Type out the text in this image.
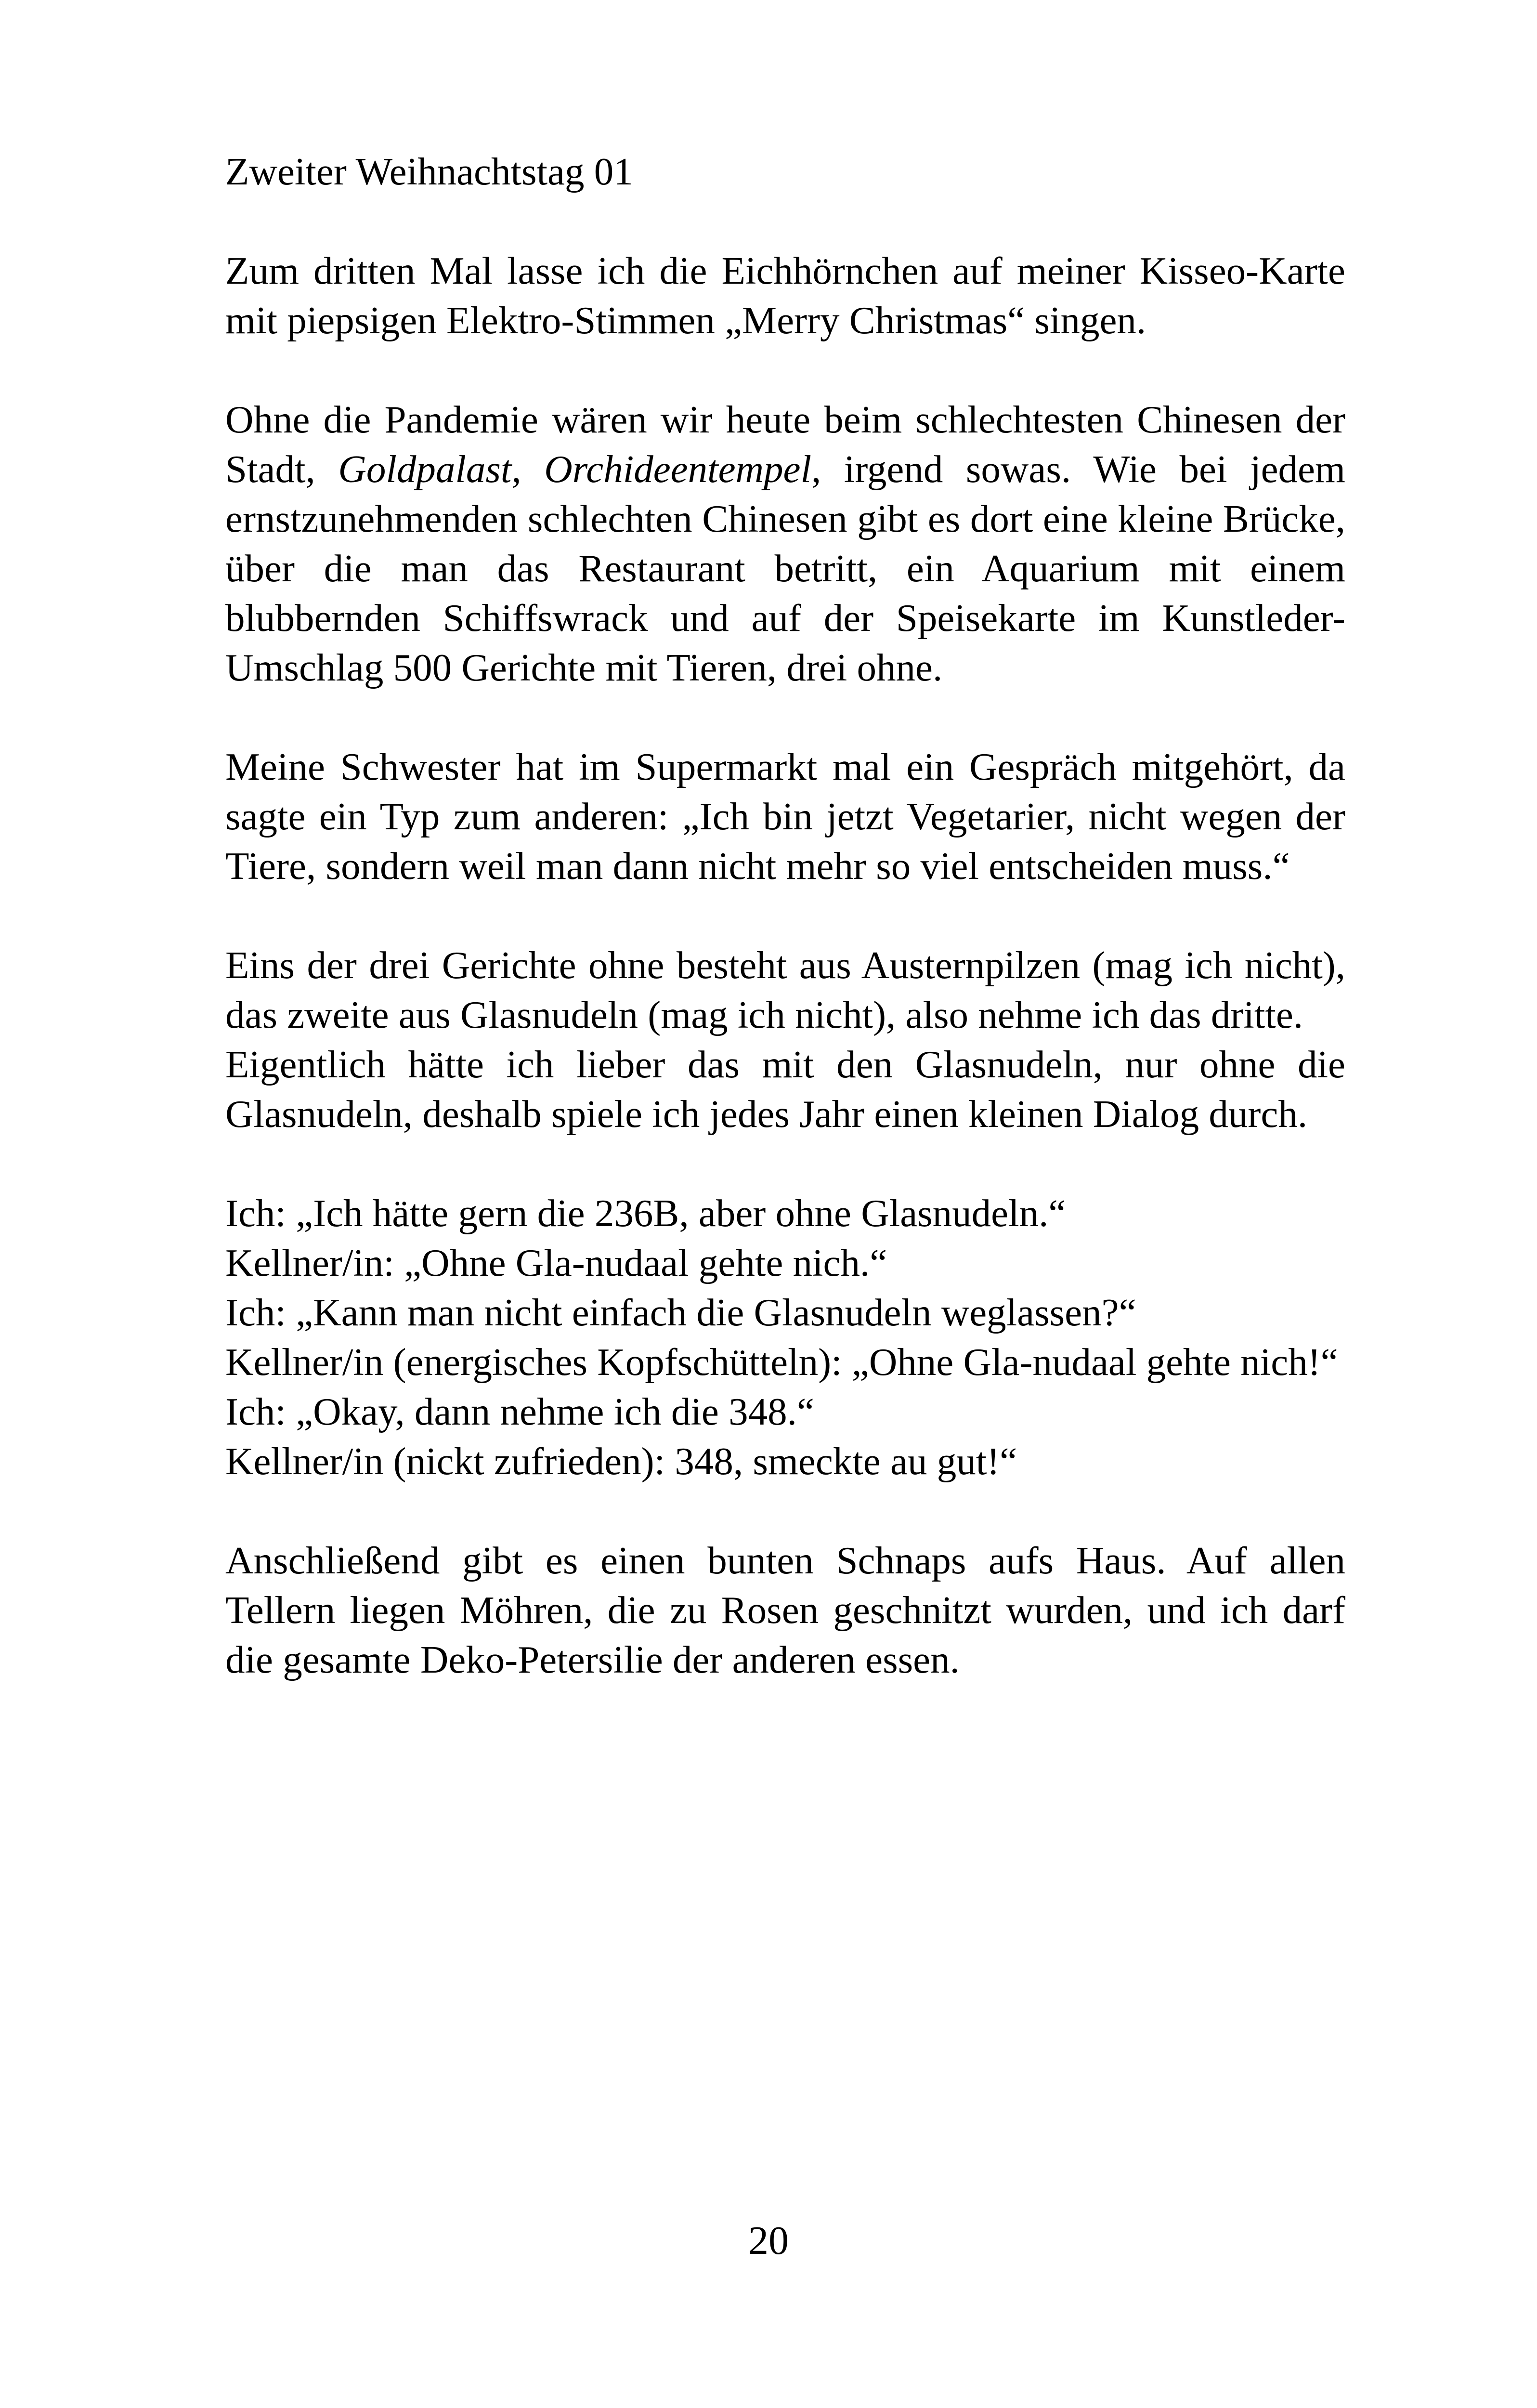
Zweiter Weihnachtstag 01

Zum dritten Mal lasse ich die Eichhörnchen auf meiner Kisseo-Karte mit piepsigen Elektro-Stimmen „Merry Christmas“ singen.

Ohne die Pandemie wären wir heute beim schlechtesten Chinesen der Stadt, Goldpalast, Orchideentempel, irgend sowas. Wie bei jedem ernstzunehmenden schlechten Chinesen gibt es dort eine kleine Brücke, über die man das Restaurant betritt, ein Aquarium mit einem blubbernden Schiffswrack und auf der Speisekarte im Kunstleder-Umschlag 500 Gerichte mit Tieren, drei ohne.

Meine Schwester hat im Supermarkt mal ein Gespräch mitgehört, da sagte ein Typ zum anderen: „Ich bin jetzt Vegetarier, nicht wegen der Tiere, sondern weil man dann nicht mehr so viel entscheiden muss.“

Eins der drei Gerichte ohne besteht aus Austernpilzen (mag ich nicht), das zweite aus Glasnudeln (mag ich nicht), also nehme ich das dritte.

Eigentlich hätte ich lieber das mit den Glasnudeln, nur ohne die Glasnudeln, deshalb spiele ich jedes Jahr einen kleinen Dialog durch.

Ich: „Ich hätte gern die 236B, aber ohne Glasnudeln.“

Kellner/in: „Ohne Gla-nudaal gehte nich.“

Ich: „Kann man nicht einfach die Glasnudeln weglassen?“

Kellner/in (energisches Kopfschütteln): „Ohne Gla-nudaal gehte nich!“

Ich: „Okay, dann nehme ich die 348.“

Kellner/in (nickt zufrieden): 348, smeckte au gut!“

Anschließend gibt es einen bunten Schnaps aufs Haus. Auf allen Tellern liegen Möhren, die zu Rosen geschnitzt wurden, und ich darf die gesamte Deko-Petersilie der anderen essen.

20
